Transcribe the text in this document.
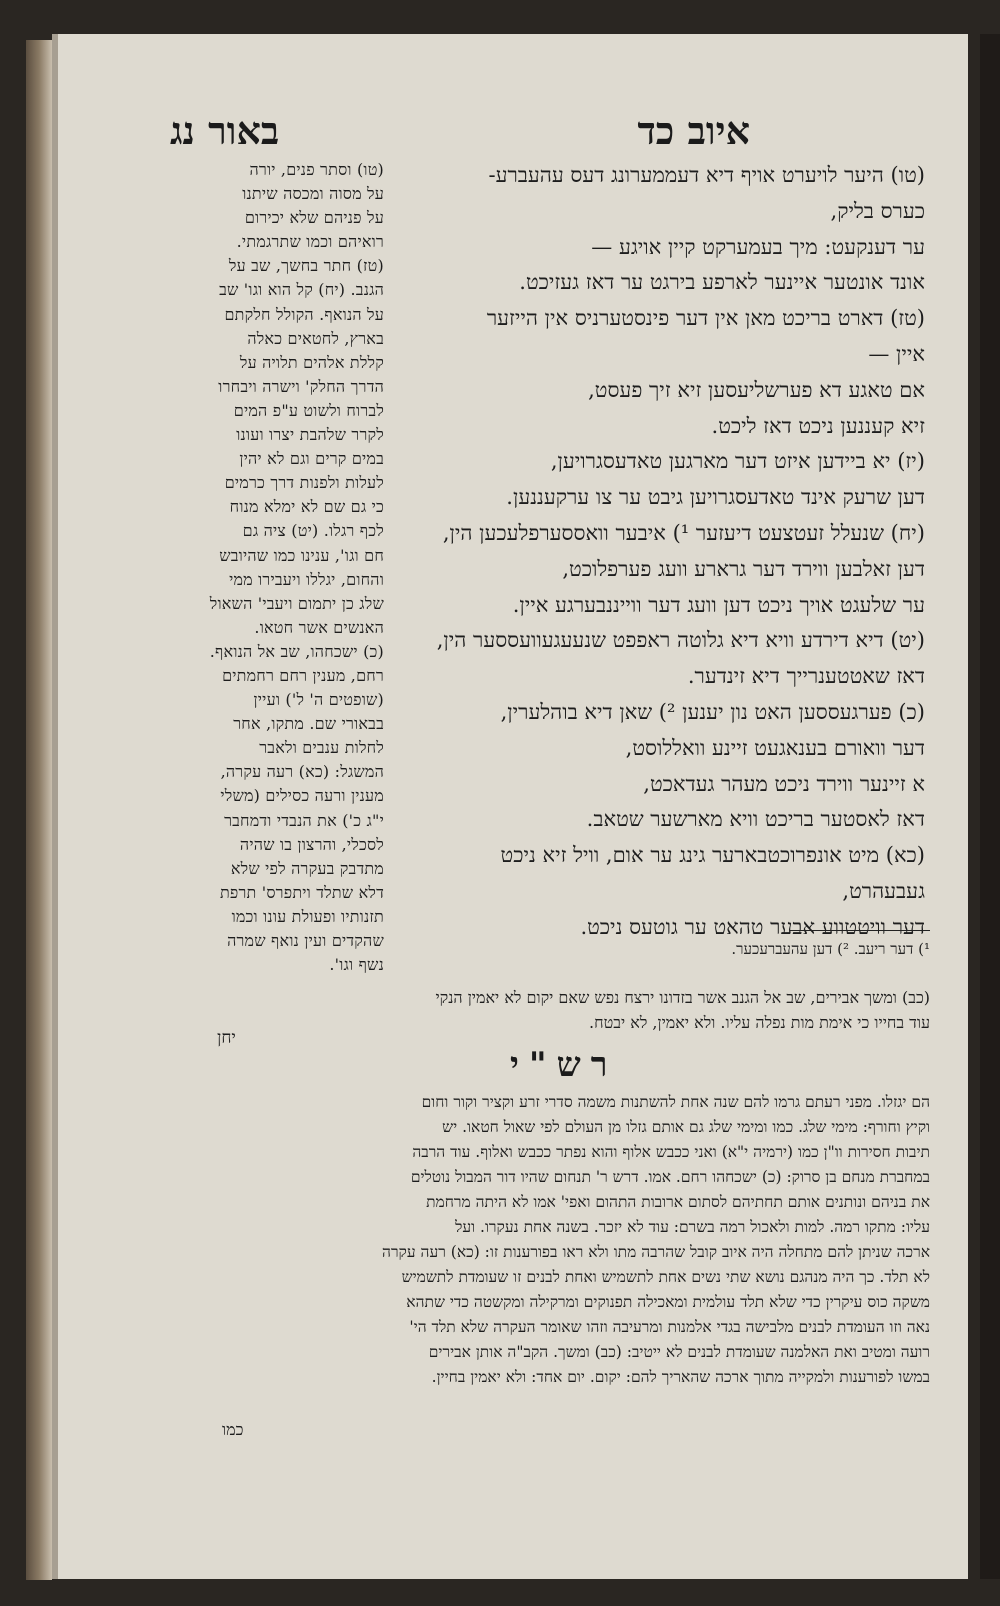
איוב כד
באור נג
(טו) היער לויערט אויף דיא דעממערונג דעס עהעברע-
כערס בליק,
ער דענקעט: מיך בעמערקט קיין אויגע —
אונד אונטער איינער לארפע בירגט ער דאז געזיכט.
(טז) דארט בריכט מאן אין דער פינסטערניס אין הייזער
איין —
אם טאגע דא פערשליעסען זיא זיך פעסט,
זיא קעננען ניכט דאז ליכט.
(יז) יא ביידען איזט דער מארגען טאדעסגרויען,
דען שרעק אינד טאדעסגרויען גיבט ער צו ערקעננען.
(יח) שנעלל זעטצעט דיעזער ¹) איבער וואססערפלעכען הין,
דען זאלבען ווירד דער גרארע וועג פערפלוכט,
ער שלעגט אויך ניכט דען וועג דער ווייננבערגע איין.
(יט) דיא דירדע וויא דיא גלוטה ראפפט שנעעגעוועססער הין,
דאז שאטטענרייך דיא זינדער.
(כ) פערגעססען האט נון יענען ²) שאן דיא בוהלערין,
דער וואורם בענאגעט זיינע וואללוסט,
א זיינער ווירד ניכט מעהר געדאכט,
דאז לאסטער בריכט וויא מארשער שטאב.
(כא) מיט אונפרוכטבארער גינג ער אום, וויל זיא ניכט
געבעהרט,
דער וויטטווע אבער טהאט ער גוטעס ניכט.
(טו) וסתר פנים, יורה
על מסוה ומכסה שיתנו
על פניהם שלא יכירום
רואיהם וכמו שתרגמתי.
(טז) חתר בחשך, שב על
הגנב. (יח) קל הוא וגו' שב
על הנואף. הקולל חלקתם
בארץ, לחטאים כאלה
קללת אלהים תלויה על
הדרך החלק' וישרה ויבחרו
לברוח ולשוט ע"פ המים
לקרר שלהבת יצרו ועונו
במים קרים וגם לא יהין
לעלות ולפנות דרך כרמים
כי גם שם לא ימלא מנוח
לכף רגלו. (יט) ציה גם
חם וגו', ענינו כמו שהיובש
והחום, יגללו ויעבירו ממי
שלג כן יתמום ויעבי' השאול
האנשים אשר חטאו.
(כ) ישכחהו, שב אל הנואף.
רחם, מענין רחם רחמתים
(שופטים ה' ל') ועיין
בבאורי שם. מתקו, אחר
לחלות ענבים ולאבר
המשגל: (כא) רעה עקרה,
מענין ורעה כסילים (משלי
י"ג כ') את הנבדי ודמחבר
לסכלי, והרצון בו שהיה
מתדבק בעקרה לפי שלא
דלא שתלד ויתפרס' תרפת
תזנותיו ופעולת עונו וכמו
שהקדים ועין נואף שמרה
נשף וגו'.
¹) דער ריעב. ²) דען עהעברעכער.
(כב) ומשך אבירים, שב אל הגנב אשר בזדונו ירצח נפש שאם יקום לא יאמין הנקי
עוד בחייו כי אימת מות נפלה עליו. ולא יאמין, לא יבטח.
יחן
רש"י
הם יגזלו. מפני רעתם גרמו להם שנה אחת להשתנות משמה סדרי זרע וקציר וקור וחום
וקיץ וחורף: מימי שלג. כמו ומימי שלג גם אותם גזלו מן העולם לפי שאול חטאו. יש
תיבות חסירות וו"ן כמו (ירמיה י"א) ואני ככבש אלוף והוא נפתר ככבש ואלוף. עוד הרבה
במחברת מנחם בן סרוק: (כ) ישכחהו רחם. אמו. דרש ר' תנחום שהיו דור המבול נוטלים
את בניהם ונותנים אותם תחתיהם לסתום ארובות התהום ואפי' אמו לא היתה מרחמת
עליו: מתקו רמה. למות ולאכול רמה בשרם: עוד לא יזכר. בשנה אחת נעקרו. ועל
ארכה שניתן להם מתחלה היה איוב קובל שהרבה מתו ולא ראו בפורענות זו: (כא) רעה עקרה
לא תלד. כך היה מנהגם נושא שתי נשים אחת לתשמיש ואחת לבנים זו שעומדת לתשמיש
משקה כוס עיקרין כדי שלא תלד עולמית ומאכילה תפנוקים ומרקילה ומקשטה כדי שתהא
נאה וזו העומדת לבנים מלבישה בגדי אלמנות ומרעיבה וזהו שאומר העקרה שלא תלד הי'
רועה ומטיב ואת האלמנה שעומדת לבנים לא ייטיב: (כב) ומשך. הקב"ה אותן אבירים
במשו לפורענות ולמקייה מתוך ארכה שהאריך להם: יקום. יום אחד: ולא יאמין בחיין.
כמו
